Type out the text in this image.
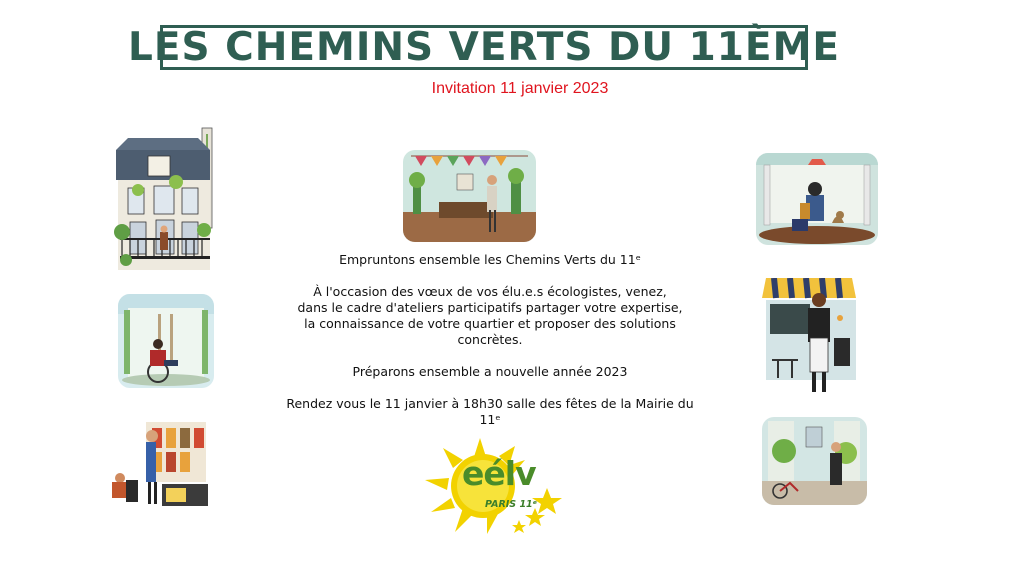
LES CHEMINS VERTS DU 11ÈME
Invitation 11 janvier 2023

Empruntons ensemble les Chemins Verts du 11ᵉ

À l'occasion des vœux de vos élu.e.s écologistes, venez,

dans le cadre d'ateliers participatifs partager votre expertise,

la connaissance de votre quartier et proposer des solutions

concrètes.

Préparons ensemble a nouvelle année 2023

Rendez vous le 11 janvier à 18h30 salle des fêtes de la Mairie du

11ᵉ

eélv
PARIS 11ᵉ
